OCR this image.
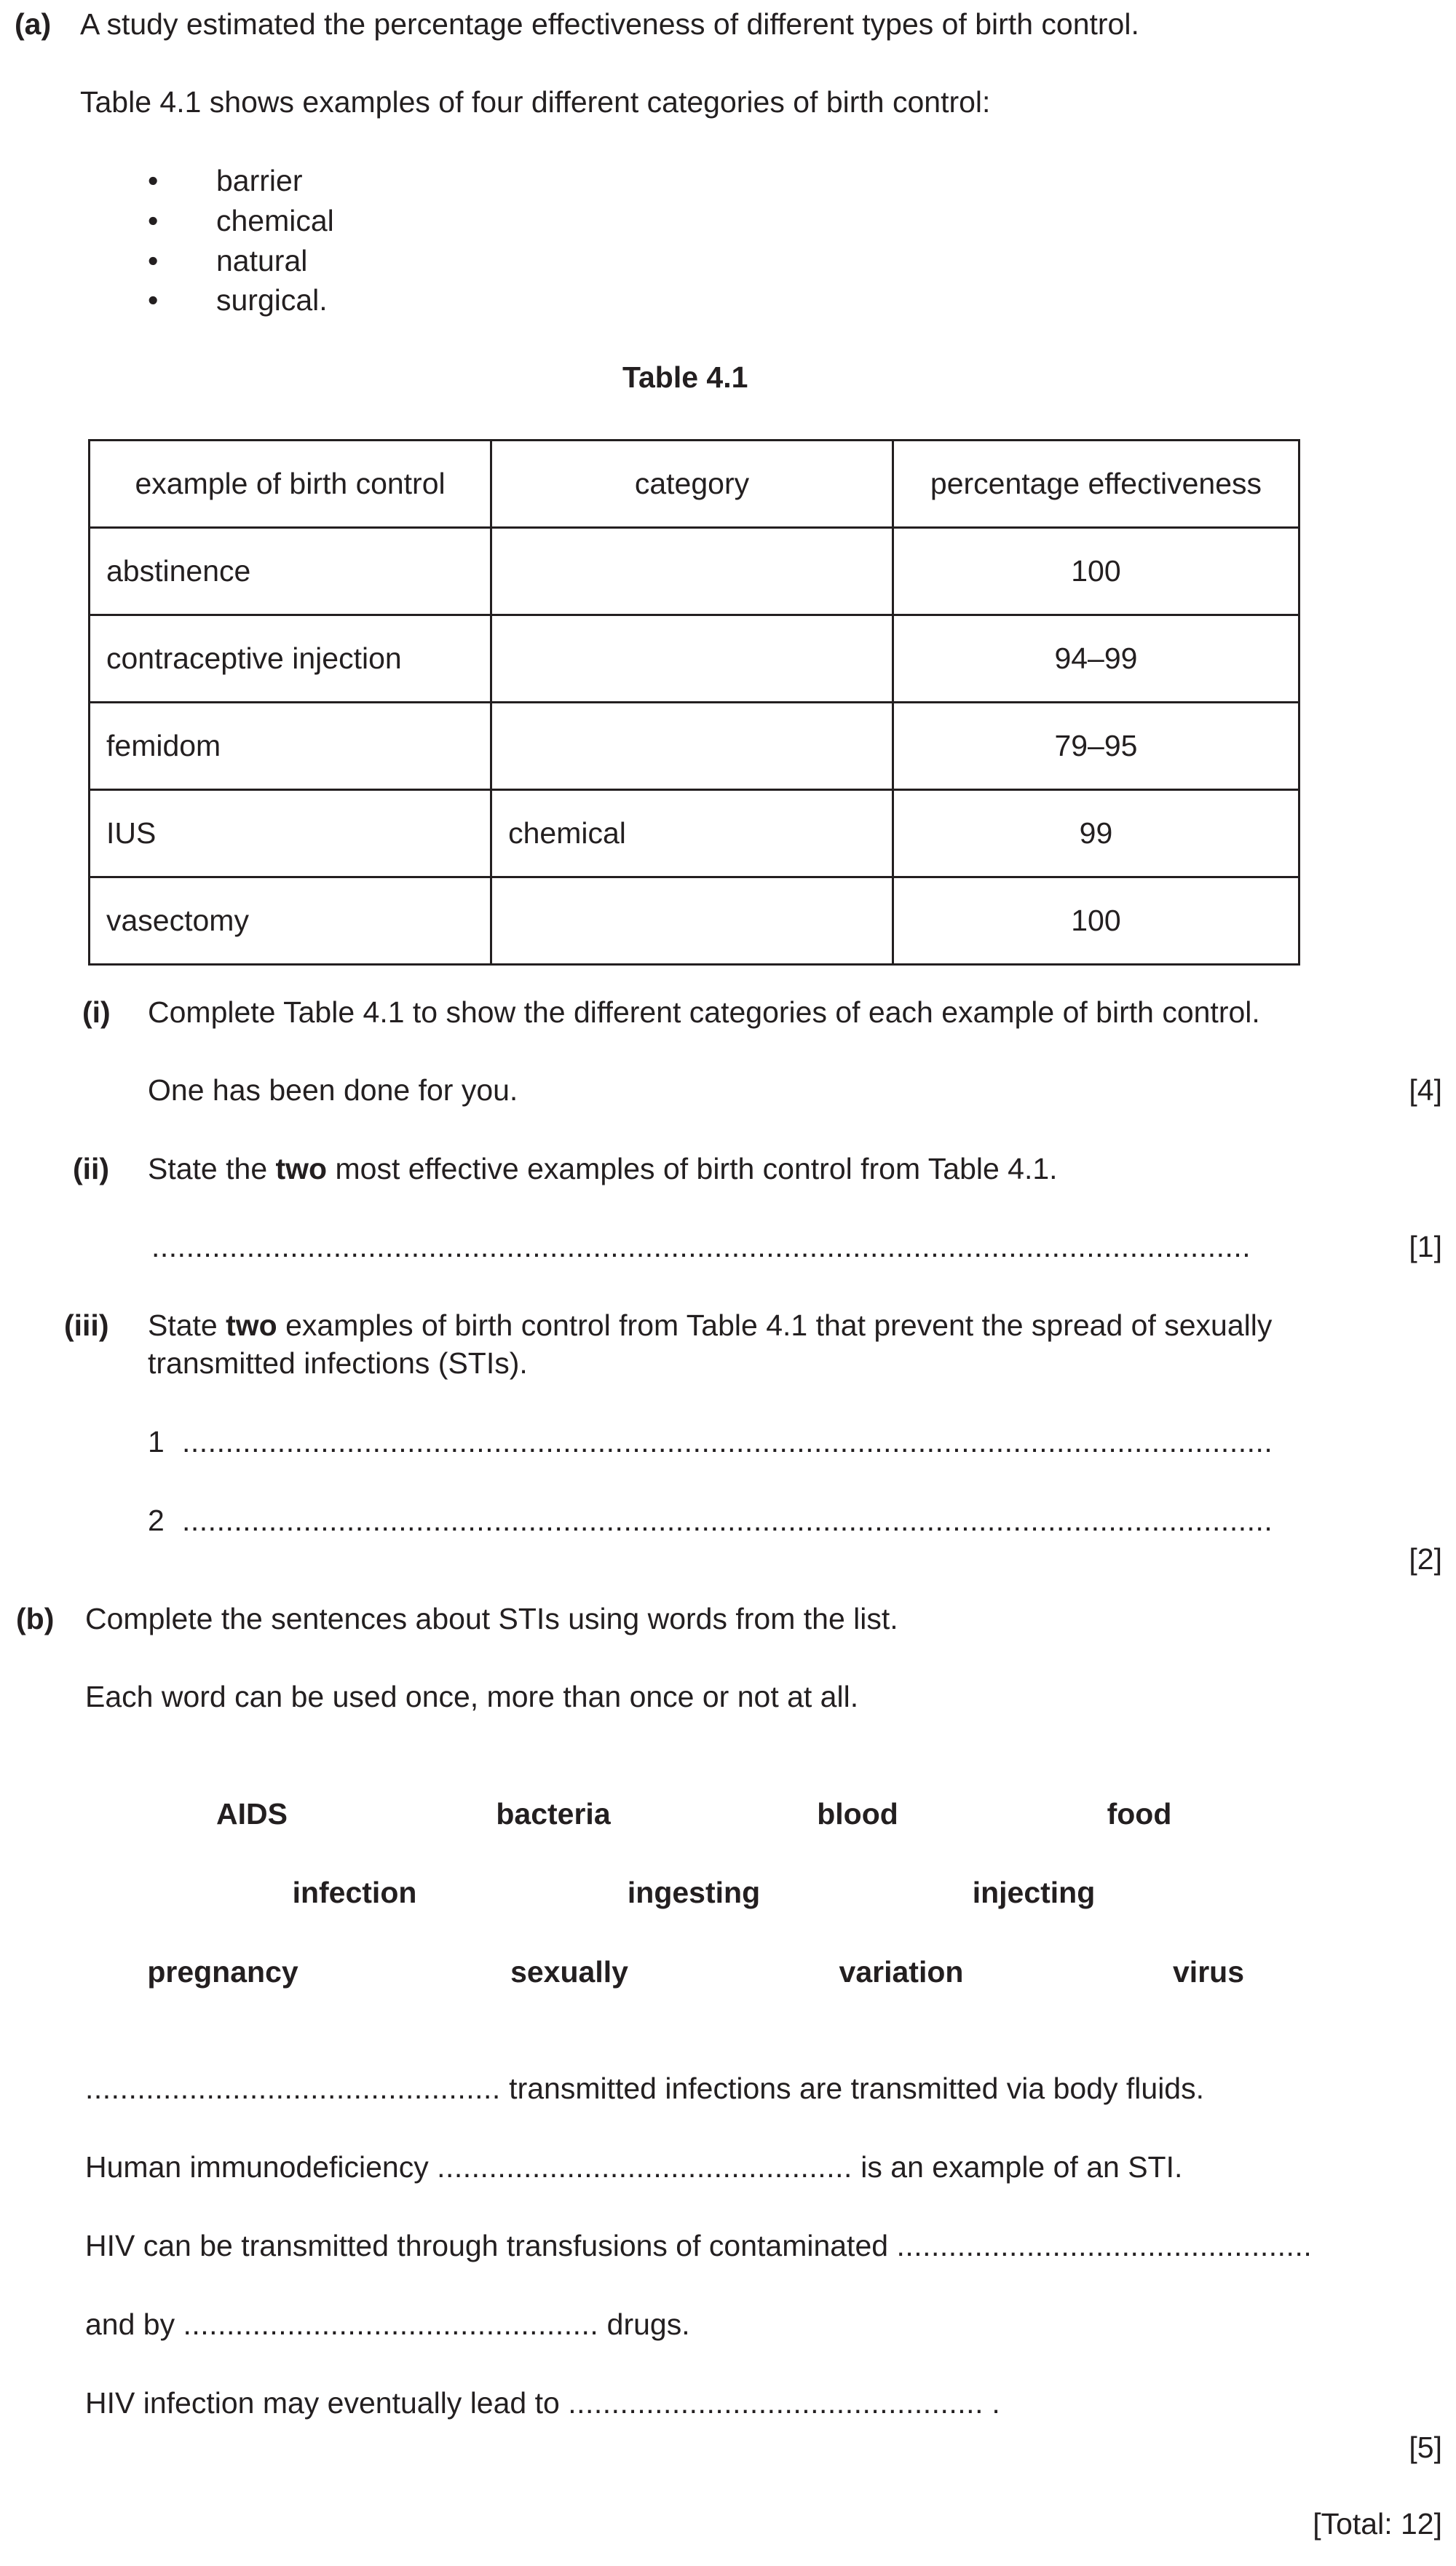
(a) A study estimated the percentage effectiveness of different types of birth control.
Table 4.1 shows examples of four different categories of birth control:
• barrier
• chemical
• natural
• surgical.
Table 4.1
example of birth control	category	percentage effectiveness
abstinence		100
contraceptive injection		94–99
femidom		79–95
IUS	chemical	99
vasectomy		100
(i) Complete Table 4.1 to show the different categories of each example of birth control.
One has been done for you.	[4]
(ii) State the two most effective examples of birth control from Table 4.1.
...............................................................................................................................	[1]
(iii) State two examples of birth control from Table 4.1 that prevent the spread of sexually
transmitted infections (STIs).
1 ..............................................................................................................................
2 ..............................................................................................................................
[2]
(b) Complete the sentences about STIs using words from the list.
Each word can be used once, more than once or not at all.
AIDS	bacteria	blood	food
infection	ingesting	injecting
pregnancy	sexually	variation	virus
................................................ transmitted infections are transmitted via body fluids.
Human immunodeficiency ................................................ is an example of an STI.
HIV can be transmitted through transfusions of contaminated ................................................
and by ................................................ drugs.
HIV infection may eventually lead to ................................................ .
[5]
[Total: 12]
